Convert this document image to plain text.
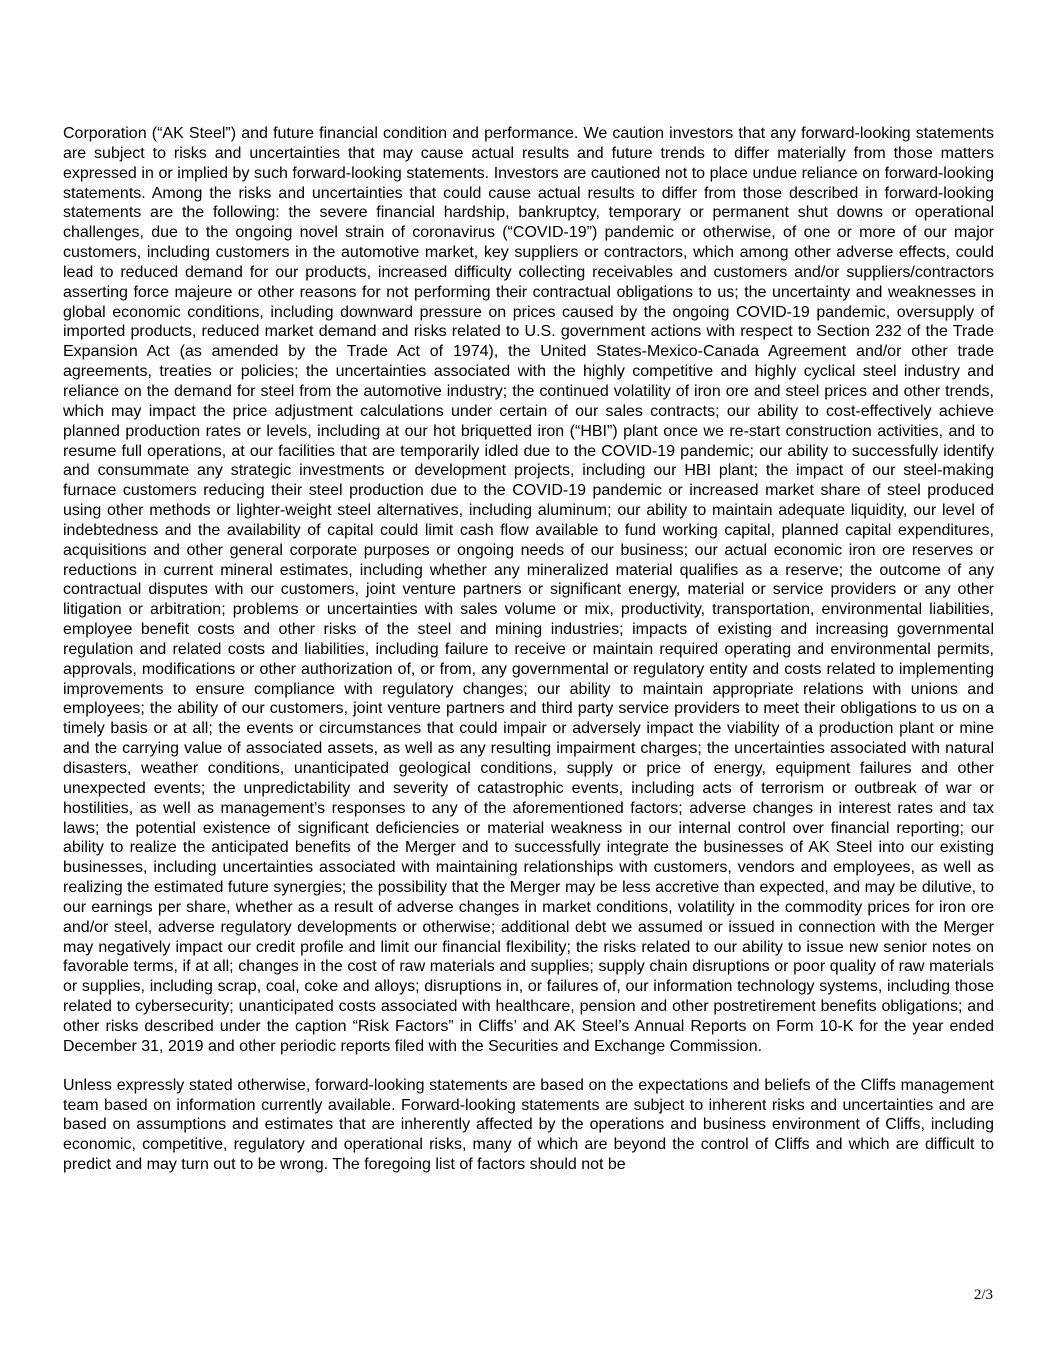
Corporation (“AK Steel”) and future financial condition and performance. We caution investors that any forward-looking statements are subject to risks and uncertainties that may cause actual results and future trends to differ materially from those matters expressed in or implied by such forward-looking statements. Investors are cautioned not to place undue reliance on forward-looking statements. Among the risks and uncertainties that could cause actual results to differ from those described in forward-looking statements are the following: the severe financial hardship, bankruptcy, temporary or permanent shut downs or operational challenges, due to the ongoing novel strain of coronavirus (“COVID-19”) pandemic or otherwise, of one or more of our major customers, including customers in the automotive market, key suppliers or contractors, which among other adverse effects, could lead to reduced demand for our products, increased difficulty collecting receivables and customers and/or suppliers/contractors asserting force majeure or other reasons for not performing their contractual obligations to us; the uncertainty and weaknesses in global economic conditions, including downward pressure on prices caused by the ongoing COVID-19 pandemic, oversupply of imported products, reduced market demand and risks related to U.S. government actions with respect to Section 232 of the Trade Expansion Act (as amended by the Trade Act of 1974), the United States-Mexico-Canada Agreement and/or other trade agreements, treaties or policies; the uncertainties associated with the highly competitive and highly cyclical steel industry and reliance on the demand for steel from the automotive industry; the continued volatility of iron ore and steel prices and other trends, which may impact the price adjustment calculations under certain of our sales contracts; our ability to cost-effectively achieve planned production rates or levels, including at our hot briquetted iron (“HBI”) plant once we re-start construction activities, and to resume full operations, at our facilities that are temporarily idled due to the COVID-19 pandemic; our ability to successfully identify and consummate any strategic investments or development projects, including our HBI plant; the impact of our steel-making furnace customers reducing their steel production due to the COVID-19 pandemic or increased market share of steel produced using other methods or lighter-weight steel alternatives, including aluminum; our ability to maintain adequate liquidity, our level of indebtedness and the availability of capital could limit cash flow available to fund working capital, planned capital expenditures, acquisitions and other general corporate purposes or ongoing needs of our business; our actual economic iron ore reserves or reductions in current mineral estimates, including whether any mineralized material qualifies as a reserve; the outcome of any contractual disputes with our customers, joint venture partners or significant energy, material or service providers or any other litigation or arbitration; problems or uncertainties with sales volume or mix, productivity, transportation, environmental liabilities, employee benefit costs and other risks of the steel and mining industries; impacts of existing and increasing governmental regulation and related costs and liabilities, including failure to receive or maintain required operating and environmental permits, approvals, modifications or other authorization of, or from, any governmental or regulatory entity and costs related to implementing improvements to ensure compliance with regulatory changes; our ability to maintain appropriate relations with unions and employees; the ability of our customers, joint venture partners and third party service providers to meet their obligations to us on a timely basis or at all; the events or circumstances that could impair or adversely impact the viability of a production plant or mine and the carrying value of associated assets, as well as any resulting impairment charges; the uncertainties associated with natural disasters, weather conditions, unanticipated geological conditions, supply or price of energy, equipment failures and other unexpected events; the unpredictability and severity of catastrophic events, including acts of terrorism or outbreak of war or hostilities, as well as management’s responses to any of the aforementioned factors; adverse changes in interest rates and tax laws; the potential existence of significant deficiencies or material weakness in our internal control over financial reporting; our ability to realize the anticipated benefits of the Merger and to successfully integrate the businesses of AK Steel into our existing businesses, including uncertainties associated with maintaining relationships with customers, vendors and employees, as well as realizing the estimated future synergies; the possibility that the Merger may be less accretive than expected, and may be dilutive, to our earnings per share, whether as a result of adverse changes in market conditions, volatility in the commodity prices for iron ore and/or steel, adverse regulatory developments or otherwise; additional debt we assumed or issued in connection with the Merger may negatively impact our credit profile and limit our financial flexibility; the risks related to our ability to issue new senior notes on favorable terms, if at all; changes in the cost of raw materials and supplies; supply chain disruptions or poor quality of raw materials or supplies, including scrap, coal, coke and alloys; disruptions in, or failures of, our information technology systems, including those related to cybersecurity; unanticipated costs associated with healthcare, pension and other postretirement benefits obligations; and other risks described under the caption “Risk Factors” in Cliffs’ and AK Steel’s Annual Reports on Form 10-K for the year ended December 31, 2019 and other periodic reports filed with the Securities and Exchange Commission.

Unless expressly stated otherwise, forward-looking statements are based on the expectations and beliefs of the Cliffs management team based on information currently available. Forward-looking statements are subject to inherent risks and uncertainties and are based on assumptions and estimates that are inherently affected by the operations and business environment of Cliffs, including economic, competitive, regulatory and operational risks, many of which are beyond the control of Cliffs and which are difficult to predict and may turn out to be wrong. The foregoing list of factors should not be

2/3
